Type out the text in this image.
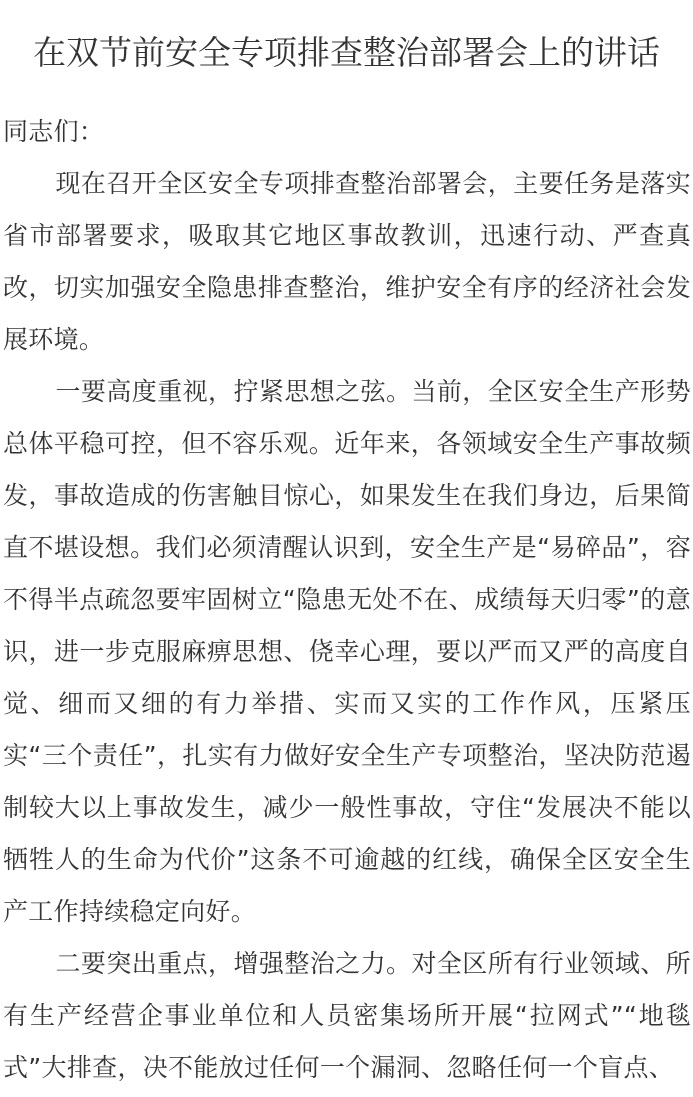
在双节前安全专项排查整治部署会上的讲话

同志们：

现在召开全区安全专项排查整治部署会，主要任务是落实省市部署要求，吸取其它地区事故教训，迅速行动、严查真改，切实加强安全隐患排查整治，维护安全有序的经济社会发展环境。

一要高度重视，拧紧思想之弦。当前，全区安全生产形势总体平稳可控，但不容乐观。近年来，各领域安全生产事故频发，事故造成的伤害触目惊心，如果发生在我们身边，后果简直不堪设想。我们必须清醒认识到，安全生产是“易碎品”，容不得半点疏忽要牢固树立“隐患无处不在、成绩每天归零”的意识，进一步克服麻痹思想、侥幸心理，要以严而又严的高度自觉、细而又细的有力举措、实而又实的工作作风，压紧压实“三个责任”，扎实有力做好安全生产专项整治，坚决防范遏制较大以上事故发生，减少一般性事故，守住“发展决不能以牺牲人的生命为代价”这条不可逾越的红线，确保全区安全生产工作持续稳定向好。

二要突出重点，增强整治之力。对全区所有行业领域、所有生产经营企事业单位和人员密集场所开展“拉网式”“地毯式”大排查，决不能放过任何一个漏洞、忽略任何一个盲点、
